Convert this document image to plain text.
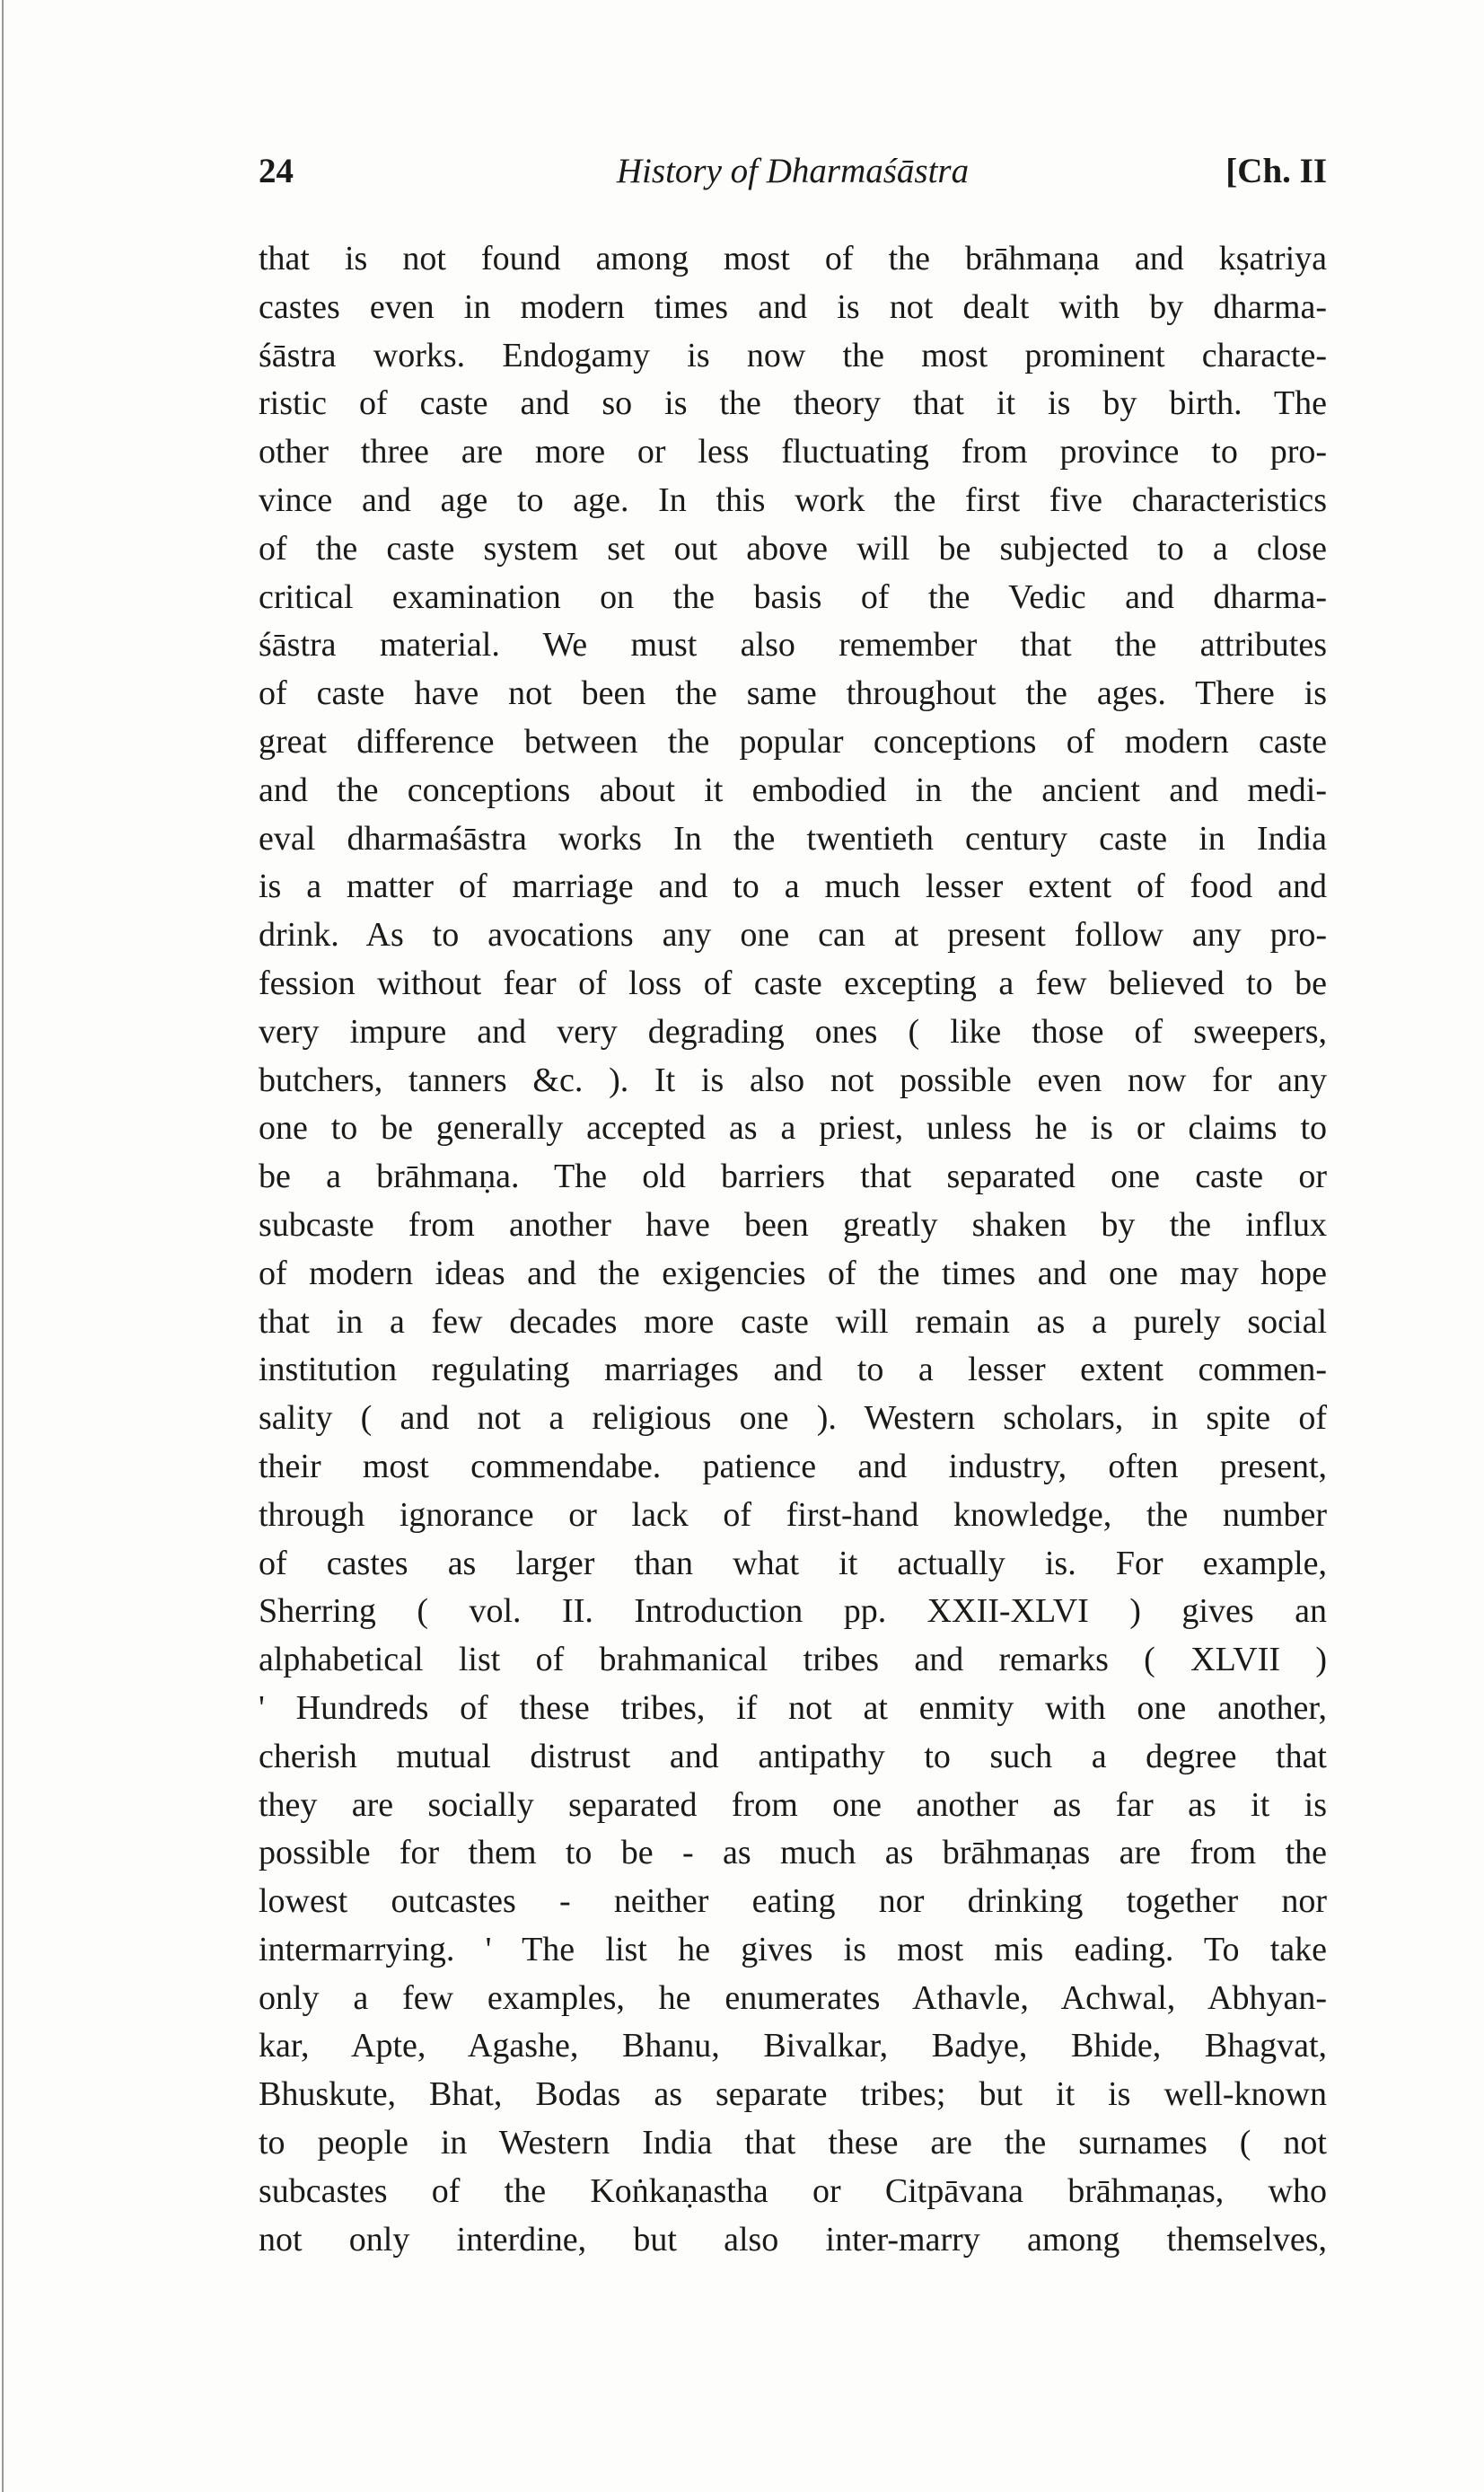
24	History of Dharmaśāstra	[Ch. II
that is not found among most of the brāhmaṇa and kṣatriya
castes even in modern times and is not dealt with by dharma-
śāstra works. Endogamy is now the most prominent characte-
ristic of caste and so is the theory that it is by birth. The
other three are more or less fluctuating from province to pro-
vince and age to age. In this work the first five characteristics
of the caste system set out above will be subjected to a close
critical examination on the basis of the Vedic and dharma-
śāstra material. We must also remember that the attributes
of caste have not been the same throughout the ages. There is
great difference between the popular conceptions of modern caste
and the conceptions about it embodied in the ancient and medi-
eval dharmaśāstra works In the twentieth century caste in India
is a matter of marriage and to a much lesser extent of food and
drink. As to avocations any one can at present follow any pro-
fession without fear of loss of caste excepting a few believed to be
very impure and very degrading ones ( like those of sweepers,
butchers, tanners &c. ). It is also not possible even now for any
one to be generally accepted as a priest, unless he is or claims to
be a brāhmaṇa. The old barriers that separated one caste or
subcaste from another have been greatly shaken by the influx
of modern ideas and the exigencies of the times and one may hope
that in a few decades more caste will remain as a purely social
institution regulating marriages and to a lesser extent commen-
sality ( and not a religious one ). Western scholars, in spite of
their most commendabe. patience and industry, often present,
through ignorance or lack of first-hand knowledge, the number
of castes as larger than what it actually is. For example,
Sherring ( vol. II. Introduction pp. XXII-XLVI ) gives an
alphabetical list of brahmanical tribes and remarks ( XLVII )
' Hundreds of these tribes, if not at enmity with one another,
cherish mutual distrust and antipathy to such a degree that
they are socially separated from one another as far as it is
possible for them to be - as much as brāhmaṇas are from the
lowest outcastes - neither eating nor drinking together nor
intermarrying. ' The list he gives is most mis eading. To take
only a few examples, he enumerates Athavle, Achwal, Abhyan-
kar, Apte, Agashe, Bhanu, Bivalkar, Badye, Bhide, Bhagvat,
Bhuskute, Bhat, Bodas as separate tribes; but it is well-known
to people in Western India that these are the surnames ( not
subcastes of the Koṅkaṇastha or Citpāvana brāhmaṇas, who
not only interdine, but also inter-marry among themselves,
